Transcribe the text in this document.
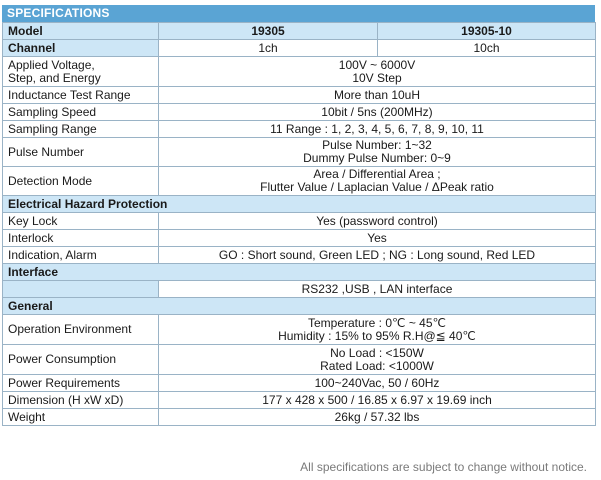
SPECIFICATIONS
Model	19305	19305-10
Channel	1ch	10ch

Applied Voltage,
Step, and Energy	100V ~ 6000V
10V Step	

Inductance Test Range	More than 10uH	

Sampling Speed	10bit / 5ns (200MHz)	

Sampling Range	11 Range : 1, 2, 3, 4, 5, 6, 7, 8, 9, 10, 11	

Pulse Number	Pulse Number: 1~32
Dummy Pulse Number: 0~9	

Detection Mode	Area / Differential Area ;
Flutter Value / Laplacian Value / ΔPeak ratio	

Electrical Hazard Protection		
Key Lock	Yes (password control)	
Interlock	Yes	
Indication, Alarm	GO : Short sound, Green LED ; NG : Long sound, Red LED	
Interface		
	RS232 ,USB , LAN interface	
General		

Operation Environment	Temperature : 0℃ ~ 45℃
Humidity : 15% to 95% R.H@≦ 40℃	

Power Consumption	No Load : <150W
Rated Load: <1000W	

Power Requirements	100~240Vac, 50 / 60Hz	

Dimension (H xW xD)	177 x 428 x 500 / 16.85 x 6.97 x 19.69 inch	

Weight	26kg / 57.32 lbs	
All specifications are subject to change without notice.
